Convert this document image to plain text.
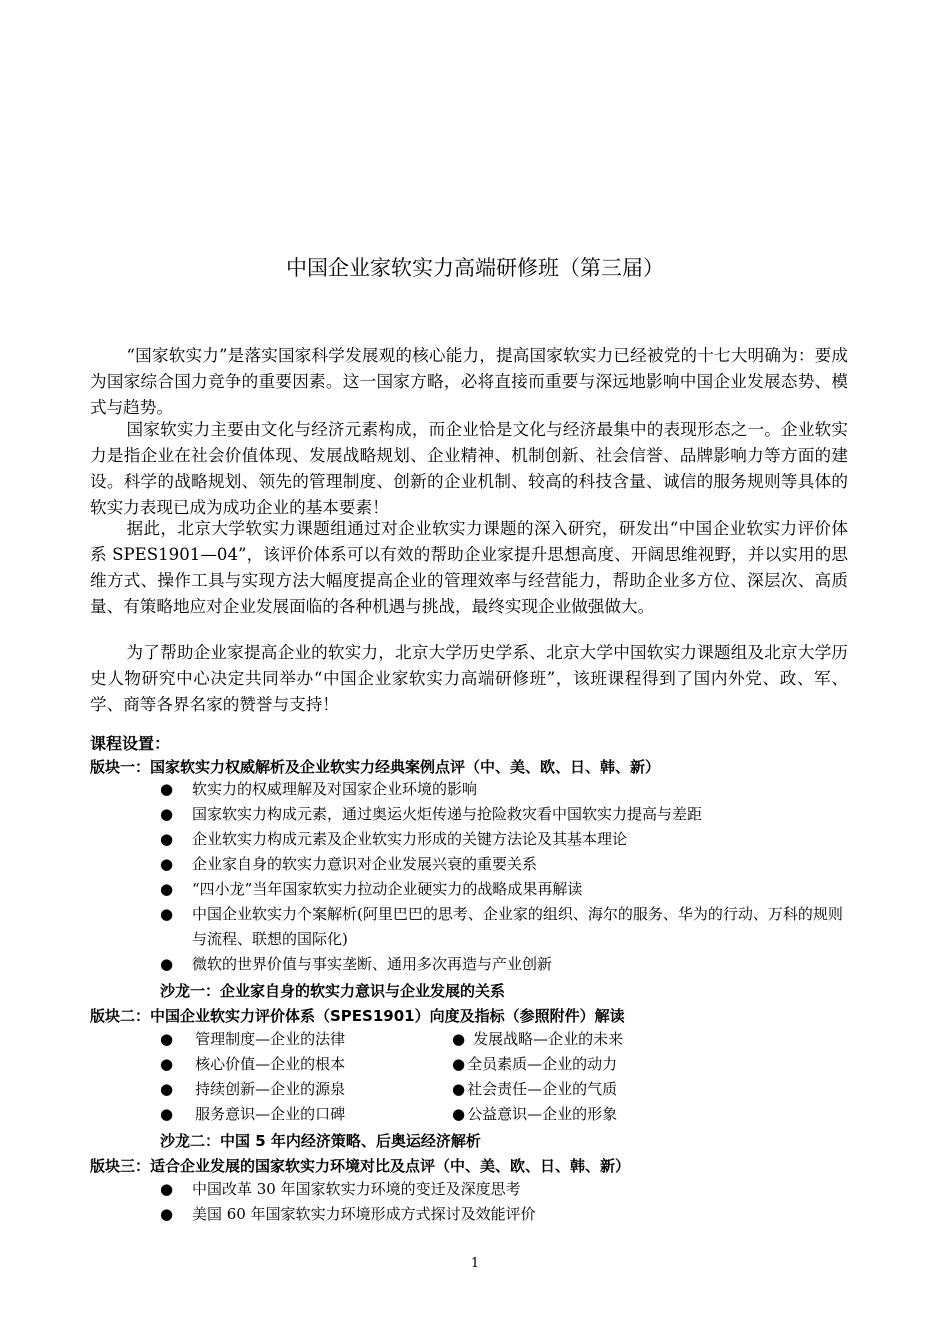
中国企业家软实力高端研修班（第三届）

“国家软实力”是落实国家科学发展观的核心能力，提高国家软实力已经被党的十七大明确为：要成为国家综合国力竞争的重要因素。这一国家方略，必将直接而重要与深远地影响中国企业发展态势、模式与趋势。

国家软实力主要由文化与经济元素构成，而企业恰是文化与经济最集中的表现形态之一。企业软实力是指企业在社会价值体现、发展战略规划、企业精神、机制创新、社会信誉、品牌影响力等方面的建设。科学的战略规划、领先的管理制度、创新的企业机制、较高的科技含量、诚信的服务规则等具体的软实力表现已成为成功企业的基本要素！

据此，北京大学软实力课题组通过对企业软实力课题的深入研究，研发出“中国企业软实力评价体系 SPES1901—04”，该评价体系可以有效的帮助企业家提升思想高度、开阔思维视野，并以实用的思维方式、操作工具与实现方法大幅度提高企业的管理效率与经营能力，帮助企业多方位、深层次、高质量、有策略地应对企业发展面临的各种机遇与挑战，最终实现企业做强做大。

为了帮助企业家提高企业的软实力，北京大学历史学系、北京大学中国软实力课题组及北京大学历史人物研究中心决定共同举办“中国企业家软实力高端研修班”，该班课程得到了国内外党、政、军、学、商等各界名家的赞誉与支持！

课程设置：

版块一：国家软实力权威解析及企业软实力经典案例点评（中、美、欧、日、韩、新）

● 软实力的权威理解及对国家企业环境的影响
● 国家软实力构成元素，通过奥运火炬传递与抢险救灾看中国软实力提高与差距
● 企业软实力构成元素及企业软实力形成的关键方法论及其基本理论
● 企业家自身的软实力意识对企业发展兴衰的重要关系
● “四小龙”当年国家软实力拉动企业硬实力的战略成果再解读
● 中国企业软实力个案解析(阿里巴巴的思考、企业家的组织、海尔的服务、华为的行动、万科的规则与流程、联想的国际化)
● 微软的世界价值与事实垄断、通用多次再造与产业创新

沙龙一：企业家自身的软实力意识与企业发展的关系

版块二：中国企业软实力评价体系（SPES1901）向度及指标（参照附件）解读

● 管理制度—企业的法律	● 发展战略—企业的未来

● 核心价值—企业的根本	● 全员素质—企业的动力

● 持续创新—企业的源泉	● 社会责任—企业的气质

● 服务意识—企业的口碑	● 公益意识—企业的形象

沙龙二：中国 5 年内经济策略、后奥运经济解析

版块三：适合企业发展的国家软实力环境对比及点评（中、美、欧、日、韩、新）

● 中国改革 30 年国家软实力环境的变迁及深度思考
● 美国 60 年国家软实力环境形成方式探讨及效能评价

1
